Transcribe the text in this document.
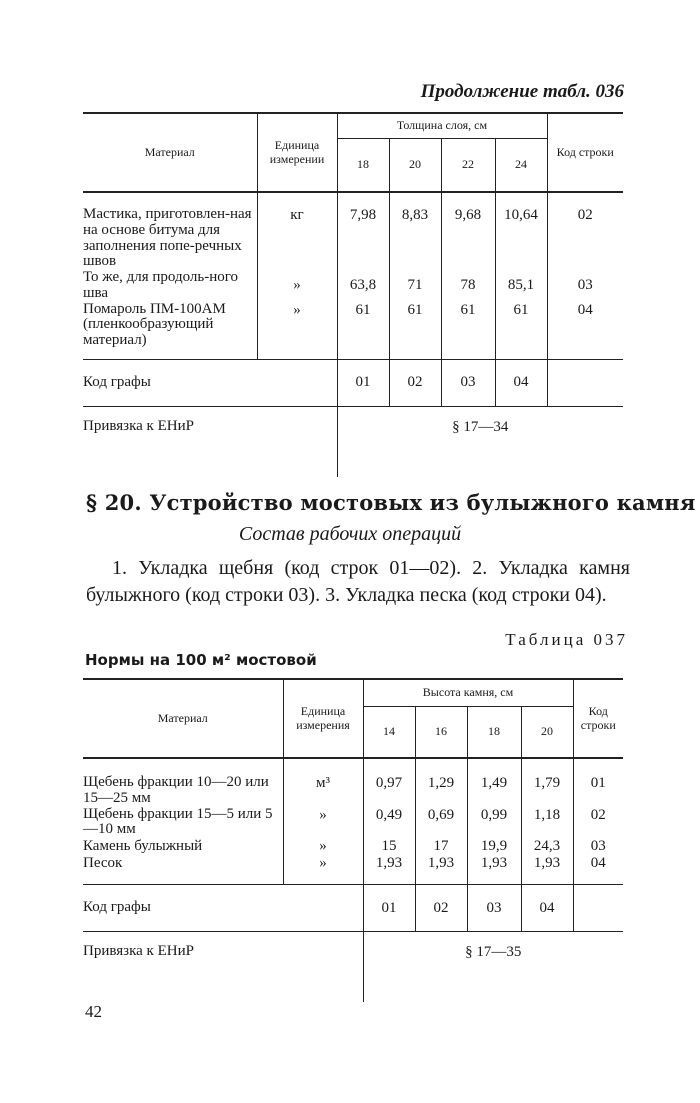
Продолжение табл. 036
Материал	Единица измерении	Толщина слоя, см				Код строки
		18	20	22	24	
Мастика, приготовлен-ная на основе битума для заполнения попе-речных швов	кг	7,98	8,83	9,68	10,64	02
То же, для продоль-ного шва	»	63,8	71	78	85,1	03
Помароль ПМ-100АМ (пленкообразующий материал)	»	61	61	61	61	04
Код графы		01	02	03	04	
Привязка к ЕНиР		§ 17—34				
§ 20. Устройство мостовых из булыжного камня
Состав рабочих операций
1. Укладка щебня (код строк 01—02). 2. Укладка камня булыжного (код строки 03). 3. Укладка песка (код строки 04).
Таблица 037
Нормы на 100 м² мостовой
Материал	Единица измерения	Высота камня, см				Код строки
		14	16	18	20	
Щебень фракции 10—20 или 15—25 мм	м³	0,97	1,29	1,49	1,79	01
Щебень фракции 15—5 или 5—10 мм	»	0,49	0,69	0,99	1,18	02
Камень булыжный	»	15	17	19,9	24,3	03
Песок	»	1,93	1,93	1,93	1,93	04
Код графы		01	02	03	04	
Привязка к ЕНиР		§ 17—35				
42
